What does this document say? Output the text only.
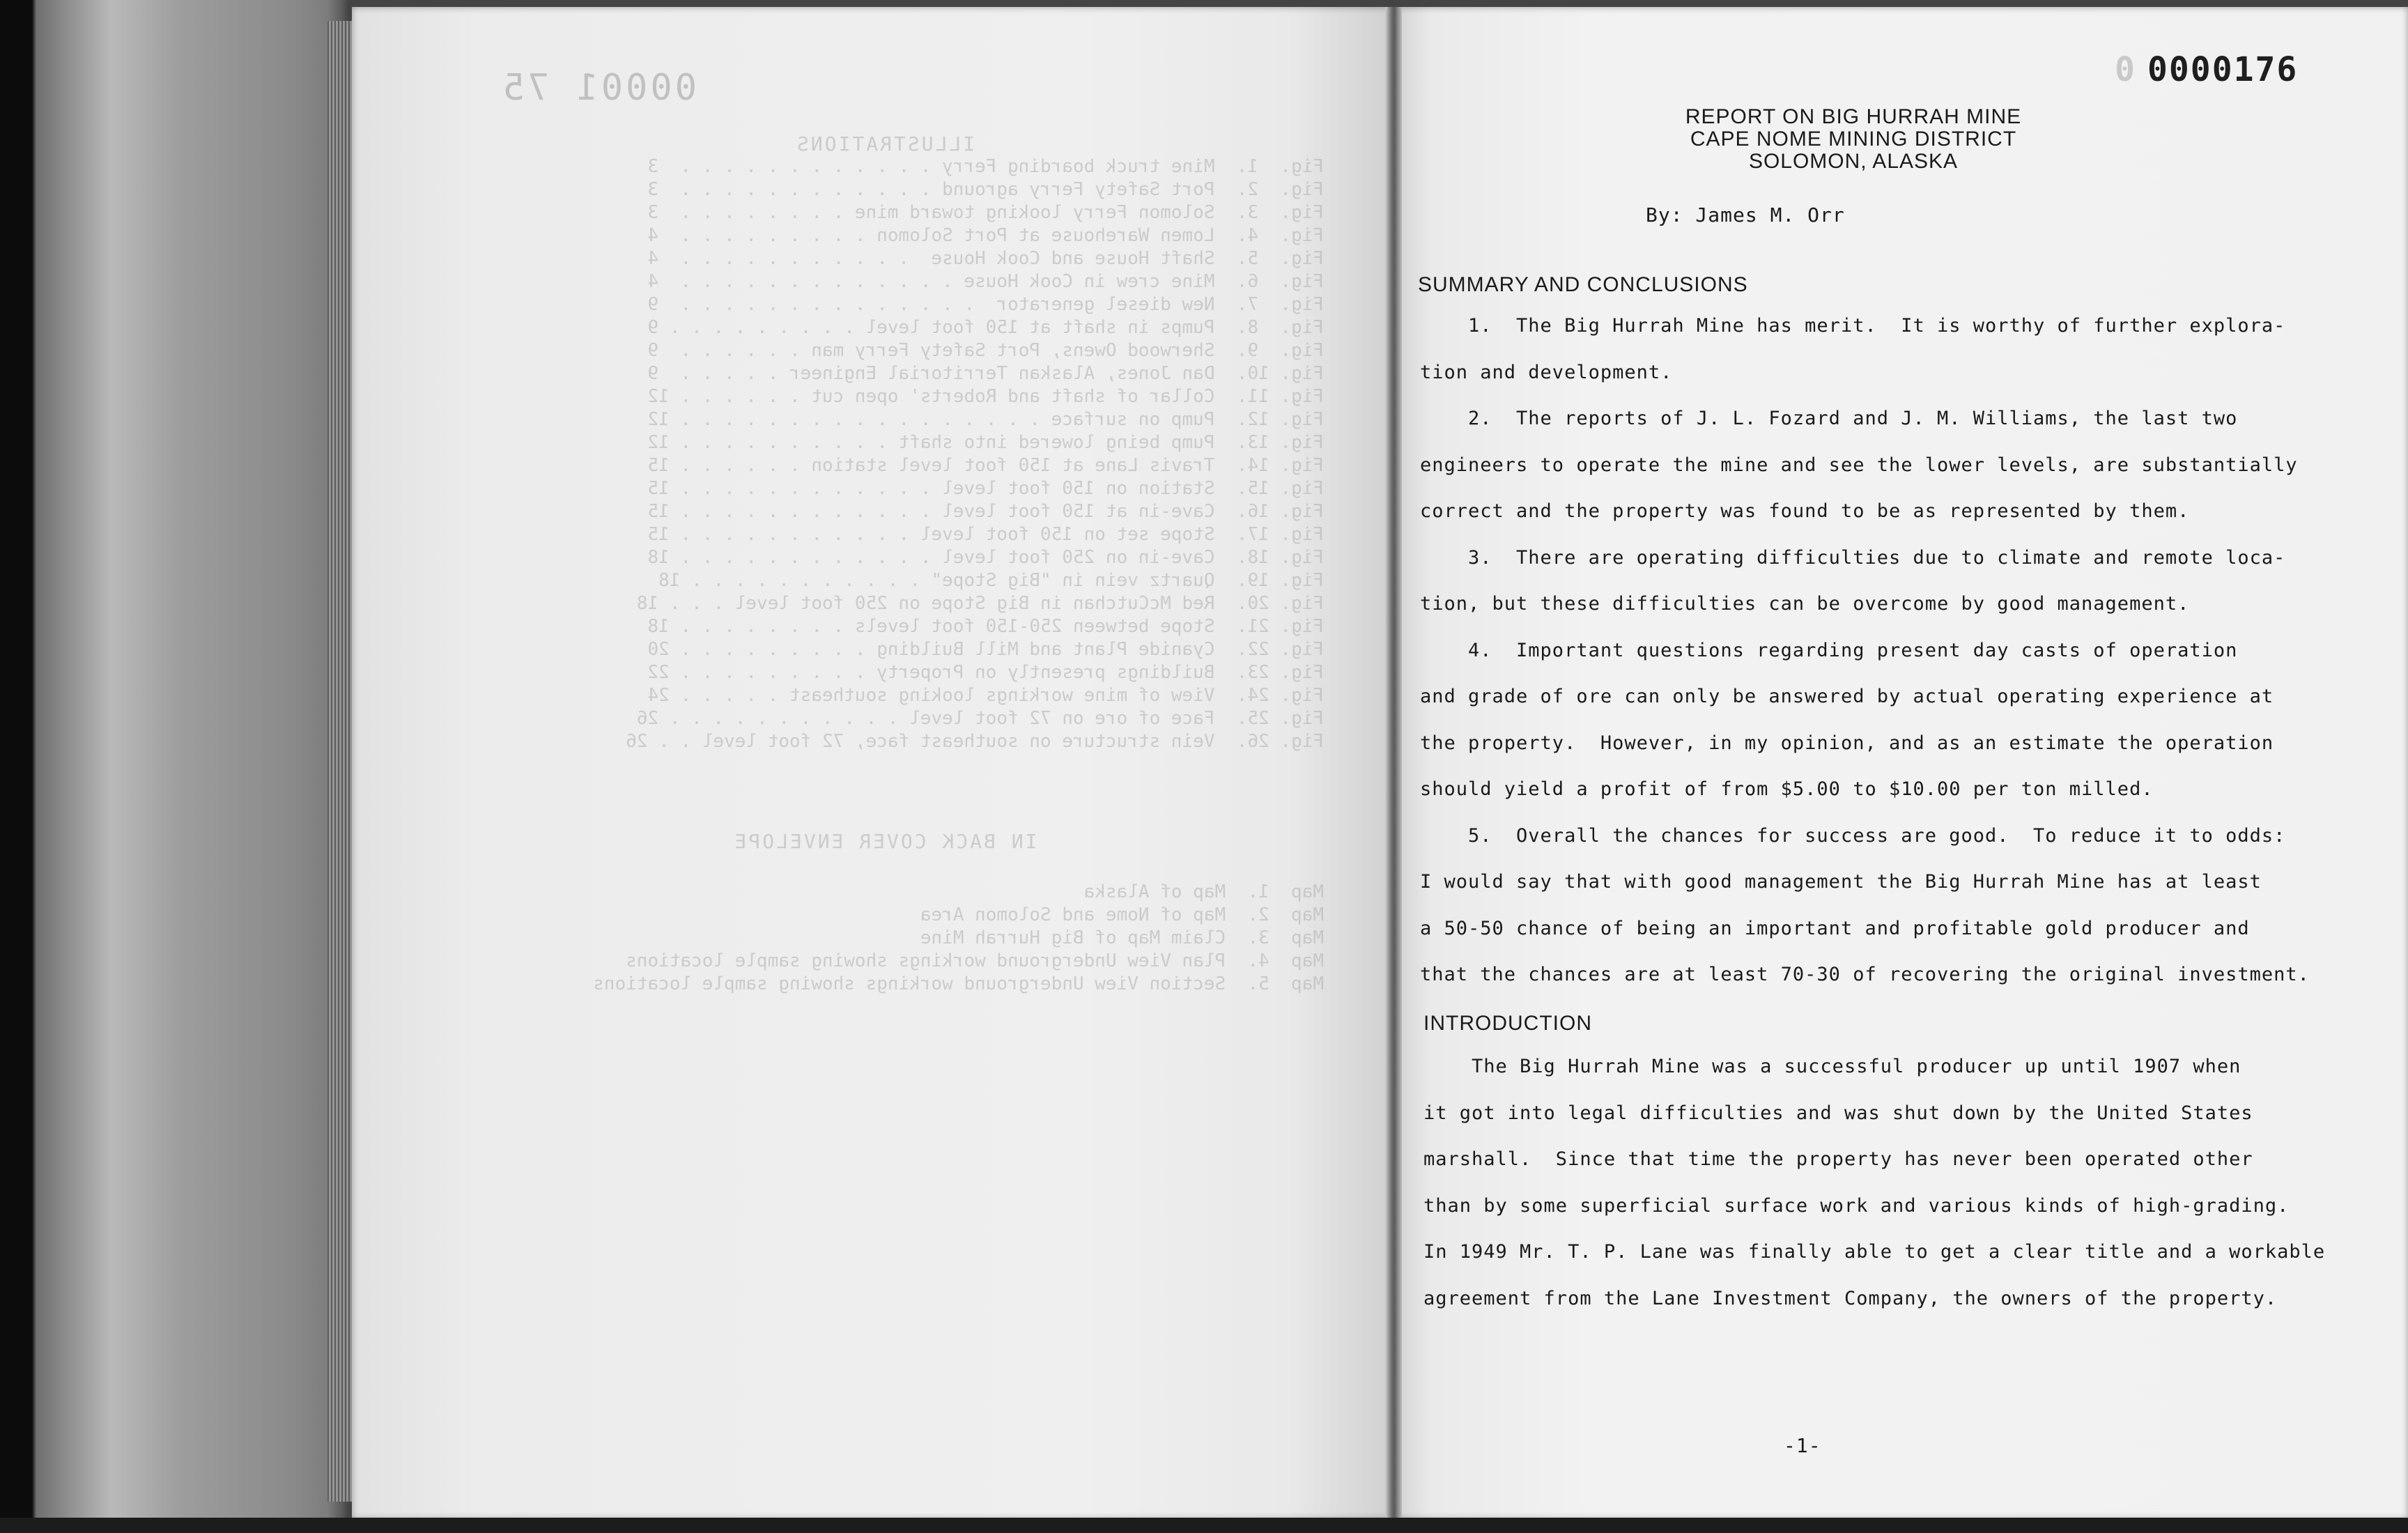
00001 75
ILLUSTRATIONS
Fig.  1.  Mine truck boarding Ferry . . . . . . . . . . . .  3
Fig.  2.  Port Safety Ferry aground . . . . . . . . . . . .  3
Fig.  3.  Solomon Ferry looking toward mine . . . . . . . .  3
Fig.  4.  Lomen Warehouse at Port Solomon . . . . . . . . .  4
Fig.  5.  Shaft House and Cook House  . . . . . . . . . . .  4
Fig.  6.  Mine crew in Cook House . . . . . . . . . . . . .  4
Fig.  7.  New diesel generator  . . . . . . . . . . . . . .  9
Fig.  8.  Pumps in shaft at 150 foot level . . . . . . . . . 9
Fig.  9.  Sherwood Owens, Port Safety Ferry man . . . . . .  9
Fig. 10.  Dan Jones, Alaskan Territorial Engineer . . . . .  9
Fig. 11.  Collar of shaft and Roberts' open cut . . . . . . 12
Fig. 12.  Pump on surface . . . . . . . . . . . . . . . . . 12
Fig. 13.  Pump being lowered into shaft . . . . . . . . . . 12
Fig. 14.  Travis Lane at 150 foot level station . . . . . . 15
Fig. 15.  Station on 150 foot level . . . . . . . . . . . . 15
Fig. 16.  Cave-in at 150 foot level . . . . . . . . . . . . 15
Fig. 17.  Stope set on 150 foot level . . . . . . . . . . . 15
Fig. 18.  Cave-in on 250 foot level . . . . . . . . . . . . 18
Fig. 19.  Quartz vein in "Big Stope" . . . . . . . . . . . 18
Fig. 20.  Red McCutchan in Big Stope on 250 foot level . . . 18
Fig. 21.  Stope between 250-150 foot levels . . . . . . . . 18
Fig. 22.  Cyanide Plant and Mill Building . . . . . . . . . 20
Fig. 23.  Buildings presently on Property . . . . . . . . . 22
Fig. 24.  View of mine workings looking southeast . . . . . 24
Fig. 25.  Face of ore on 72 foot level . . . . . . . . . . . 26
Fig. 26.  Vein structure on southeast face, 72 foot level . . 26
IN BACK COVER ENVELOPE
Map  1.  Map of Alaska
Map  2.  Map of Nome and Solomon Area
Map  3.  Claim Map of Big Hurrah Mine
Map  4.  Plan View Underground workings showing sample locations
Map  5.  Section View Underground workings showing sample locations
0 0000176
REPORT ON BIG HURRAH MINE
CAPE NOME MINING DISTRICT
SOLOMON, ALASKA
By: James M. Orr
SUMMARY AND CONCLUSIONS
1.  The Big Hurrah Mine has merit.  It is worthy of further explora-
tion and development.
2.  The reports of J. L. Fozard and J. M. Williams, the last two
engineers to operate the mine and see the lower levels, are substantially
correct and the property was found to be as represented by them.
3.  There are operating difficulties due to climate and remote loca-
tion, but these difficulties can be overcome by good management.
4.  Important questions regarding present day casts of operation
and grade of ore can only be answered by actual operating experience at
the property.  However, in my opinion, and as an estimate the operation
should yield a profit of from $5.00 to $10.00 per ton milled.
5.  Overall the chances for success are good.  To reduce it to odds:
I would say that with good management the Big Hurrah Mine has at least
a 50-50 chance of being an important and profitable gold producer and
that the chances are at least 70-30 of recovering the original investment.
INTRODUCTION
The Big Hurrah Mine was a successful producer up until 1907 when
it got into legal difficulties and was shut down by the United States
marshall.  Since that time the property has never been operated other
than by some superficial surface work and various kinds of high-grading.
In 1949 Mr. T. P. Lane was finally able to get a clear title and a workable
agreement from the Lane Investment Company, the owners of the property.
-1-
